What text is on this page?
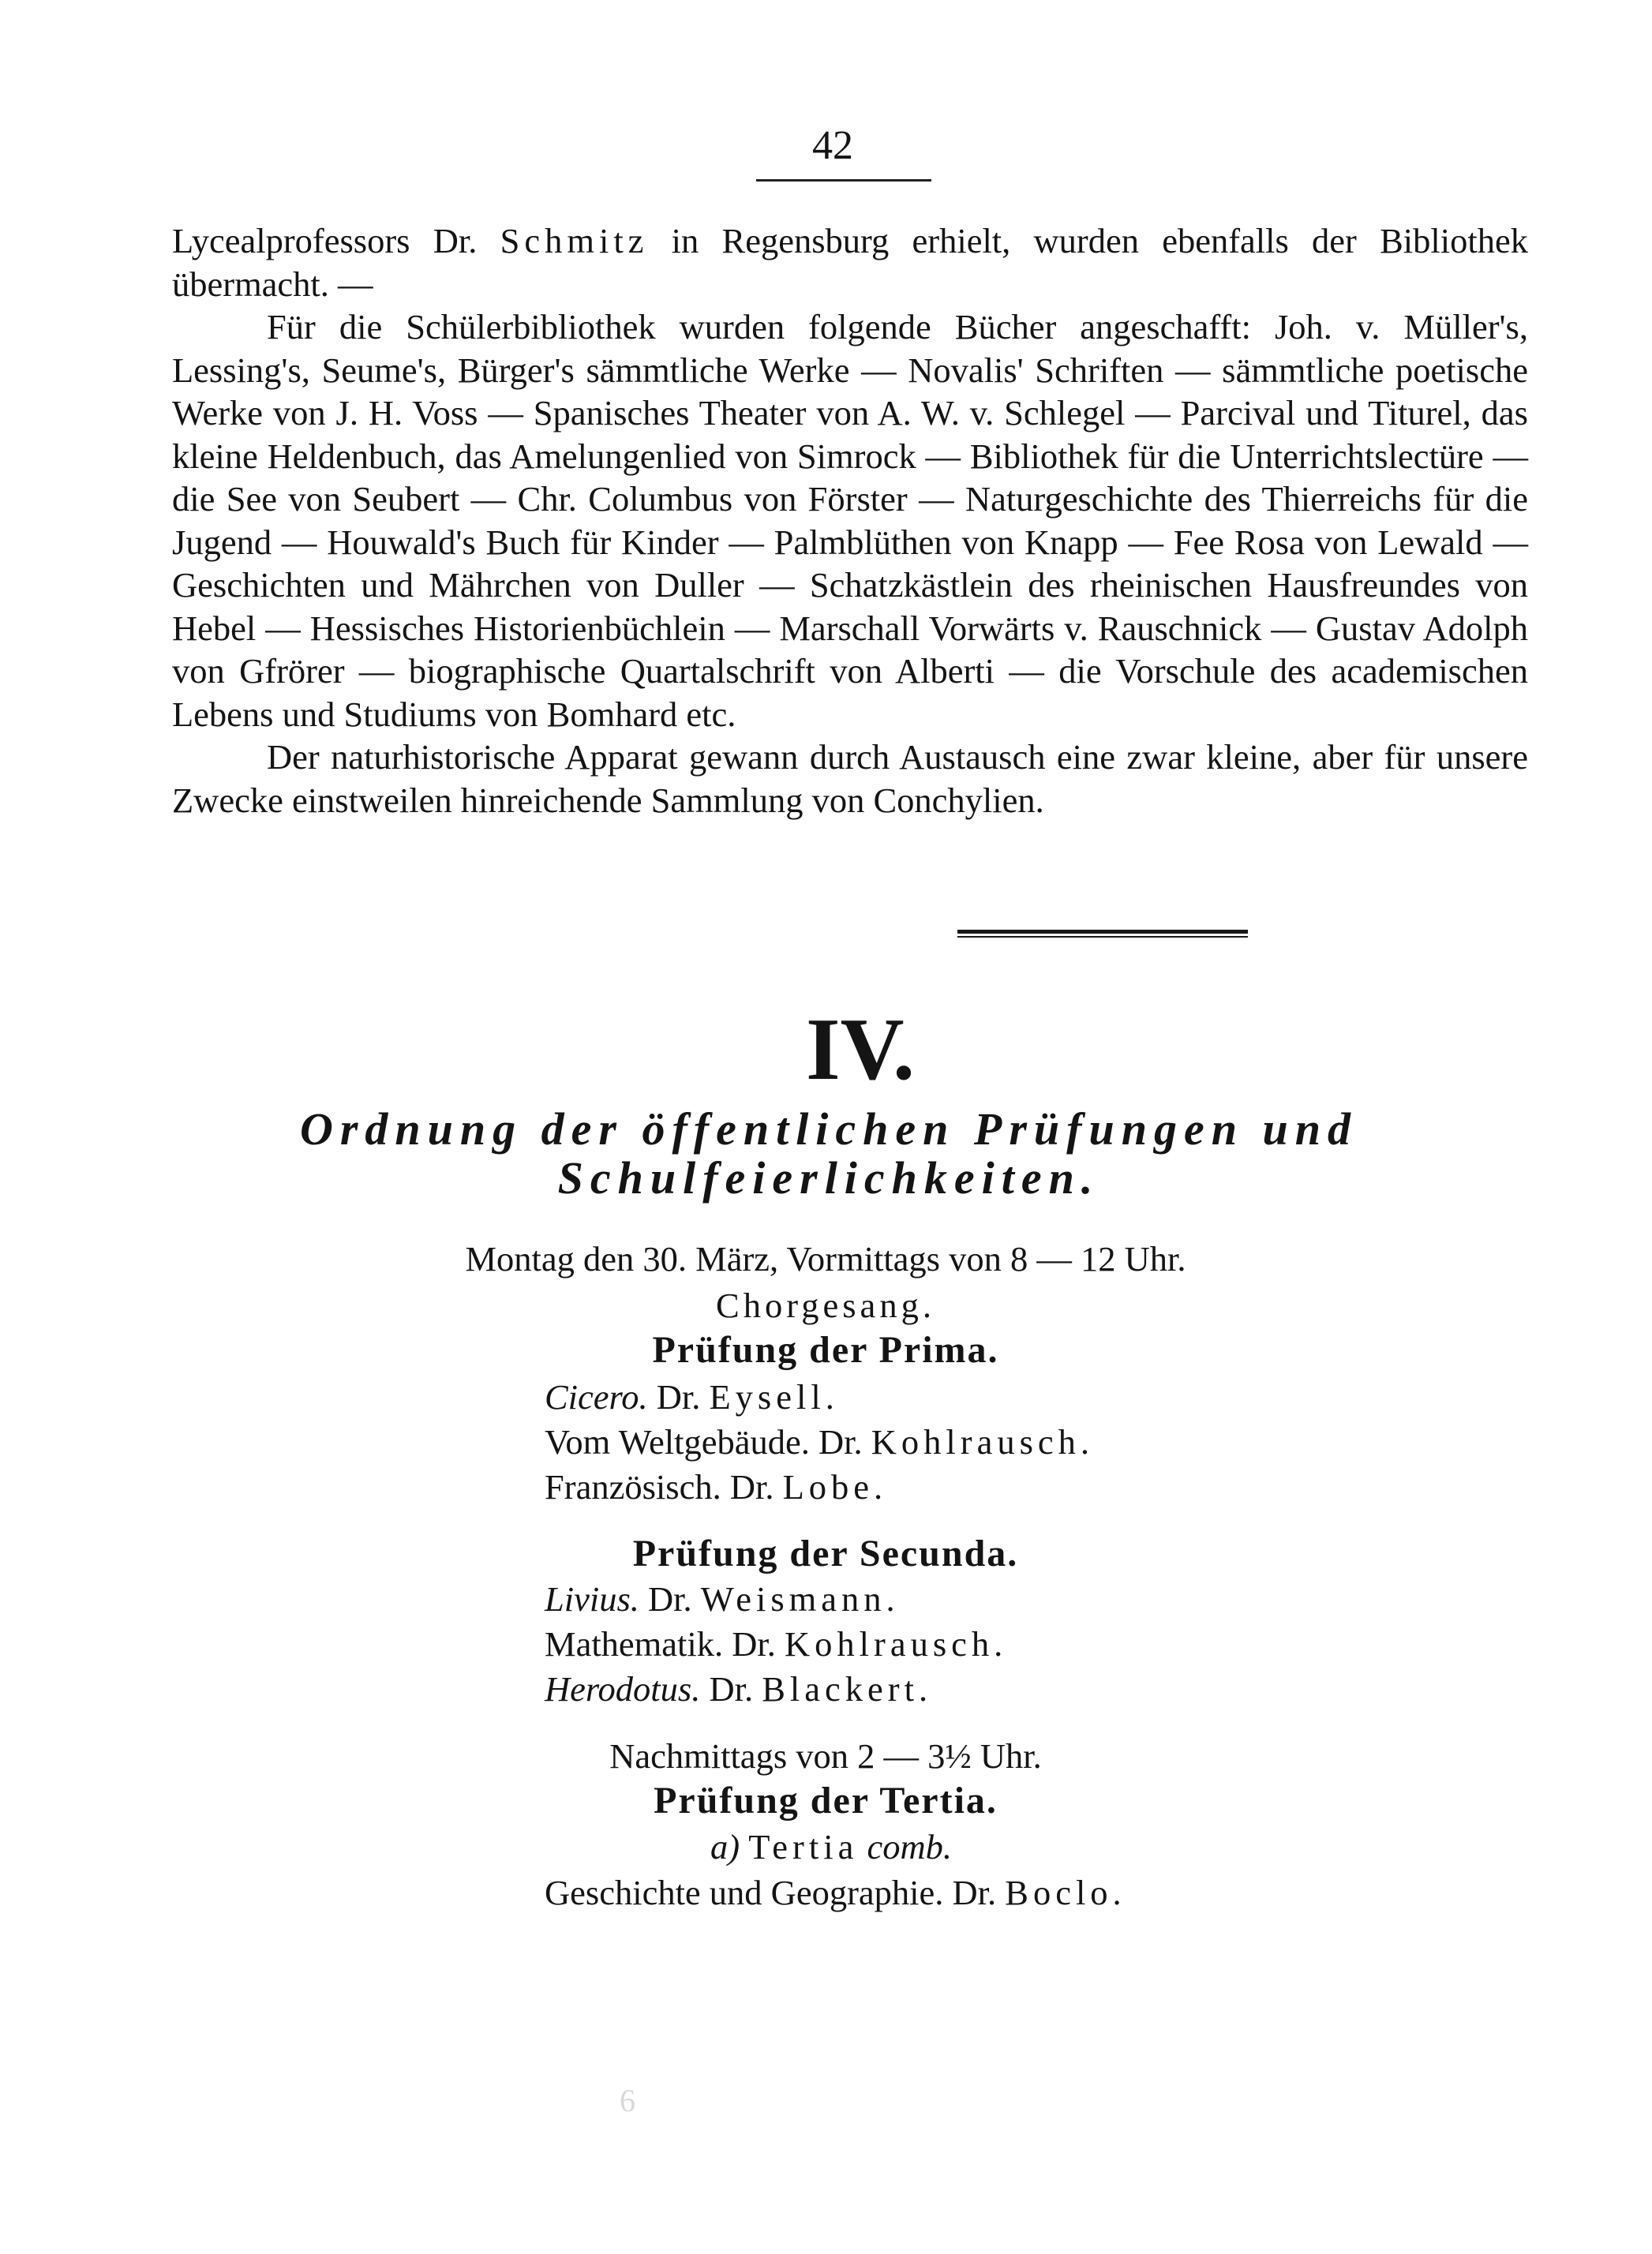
42

Lycealprofessors Dr. Schmitz in Regensburg erhielt, wurden ebenfalls der Bibliothek übermacht. —

Für die Schülerbibliothek wurden folgende Bücher angeschafft: Joh. v. Müller's, Lessing's, Seume's, Bürger's sämmtliche Werke — Novalis' Schriften — sämmtliche poetische Werke von J. H. Voss — Spanisches Theater von A. W. v. Schlegel — Parcival und Titurel, das kleine Heldenbuch, das Amelungenlied von Simrock — Bibliothek für die Unterrichtslectüre — die See von Seubert — Chr. Columbus von Förster — Naturgeschichte des Thierreichs für die Jugend — Houwald's Buch für Kinder — Palmblüthen von Knapp — Fee Rosa von Lewald — Geschichten und Mährchen von Duller — Schatzkästlein des rheinischen Hausfreundes von Hebel — Hessisches Historienbüchlein — Marschall Vorwärts v. Rauschnick — Gustav Adolph von Gfrörer — biographische Quartalschrift von Alberti — die Vorschule des academischen Lebens und Studiums von Bomhard etc.

Der naturhistorische Apparat gewann durch Austausch eine zwar kleine, aber für unsere Zwecke einstweilen hinreichende Sammlung von Conchylien.

IV.
Ordnung der öffentlichen Prüfungen und
Schulfeierlichkeiten.
Montag den 30. März, Vormittags von 8 — 12 Uhr.
Chorgesang.
Prüfung der Prima.
Cicero. Dr. Eysell.
Vom Weltgebäude. Dr. Kohlrausch.
Französisch. Dr. Lobe.
Prüfung der Secunda.
Livius. Dr. Weismann.
Mathematik. Dr. Kohlrausch.
Herodotus. Dr. Blackert.
Nachmittags von 2 — 3½ Uhr.
Prüfung der Tertia.
a) Tertia comb.
Geschichte und Geographie. Dr. Boclo.
6
